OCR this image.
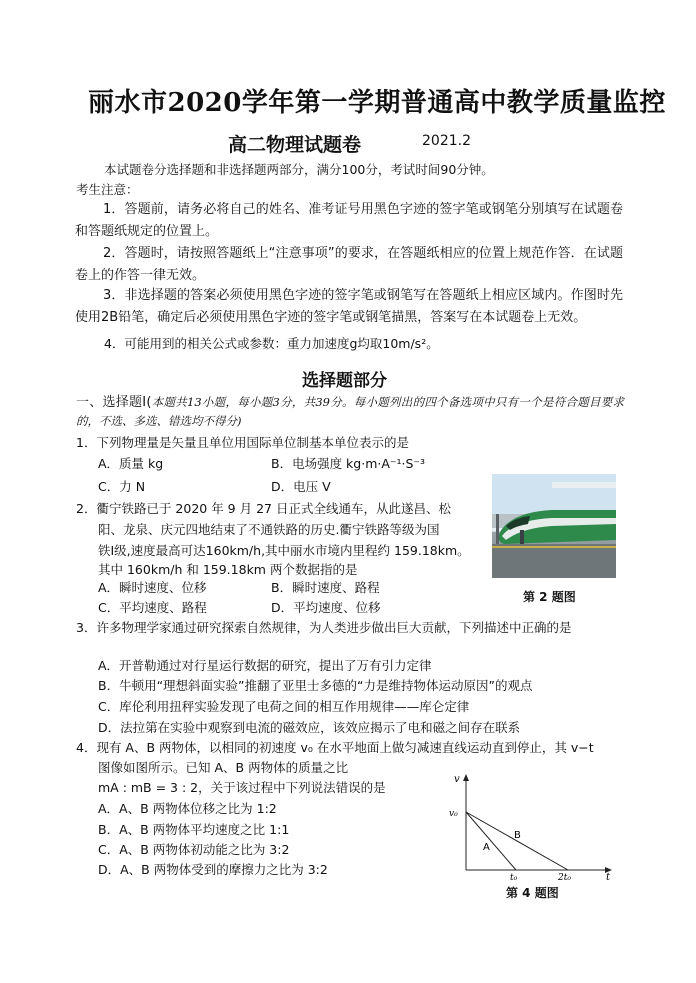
丽水市2020学年第一学期普通高中教学质量监控
高二物理试题卷	2021.2
本试题卷分选择题和非选择题两部分，满分100分，考试时间90分钟。
考生注意：
1．答题前，请务必将自己的姓名、准考证号用黑色字迹的签字笔或钢笔分别填写在试题卷和答题纸规定的位置上。
2．答题时，请按照答题纸上“注意事项”的要求，在答题纸相应的位置上规范作答．在试题卷上的作答一律无效。
3．非选择题的答案必须使用黑色字迹的签字笔或钢笔写在答题纸上相应区域内。作图时先使用2B铅笔，确定后必须使用黑色字迹的签字笔或钢笔描黑，答案写在本试题卷上无效。
4．可能用到的相关公式或参数：重力加速度g均取10m/s²。
选择题部分
一、选择题Ⅰ(本题共13小题，每小题3分，共39分。每小题列出的四个备选项中只有一个是符合题目要求的，不选、多选、错选均不得分)
1．下列物理量是矢量且单位用国际单位制基本单位表示的是
A．质量 kg	B．电场强度 kg·m·A⁻¹·S⁻³
C．力 N	D．电压 V
2．衢宁铁路已于 2020 年 9 月 27 日正式全线通车，从此遂昌、松
阳、龙泉、庆元四地结束了不通铁路的历史.衢宁铁路等级为国
铁Ⅰ级,速度最高可达160km/h,其中丽水市境内里程约 159.18km。
其中 160km/h 和 159.18km 两个数据指的是
A．瞬时速度、位移	B．瞬时速度、路程
C．平均速度、路程	D．平均速度、位移
第 2 题图
3．许多物理学家通过研究探索自然规律，为人类进步做出巨大贡献，下列描述中正确的是
A．开普勒通过对行星运行数据的研究，提出了万有引力定律
B．牛顿用“理想斜面实验”推翻了亚里士多德的“力是维持物体运动原因”的观点
C．库伦利用扭秤实验发现了电荷之间的相互作用规律——库仑定律
D．法拉第在实验中观察到电流的磁效应，该效应揭示了电和磁之间存在联系
4．现有 A、B 两物体，以相同的初速度 v₀ 在水平地面上做匀减速直线运动直到停止，其 v−t
图像如图所示。已知 A、B 两物体的质量之比
mA : mB = 3 : 2，关于该过程中下列说法错误的是
A．A、B 两物体位移之比为 1:2
B．A、B 两物体平均速度之比 1:1
C．A、B 两物体初动能之比为 3:2
D．A、B 两物体受到的摩擦力之比为 3:2
v
v₀
A
B
t₀	2t₀	t
第 4 题图
